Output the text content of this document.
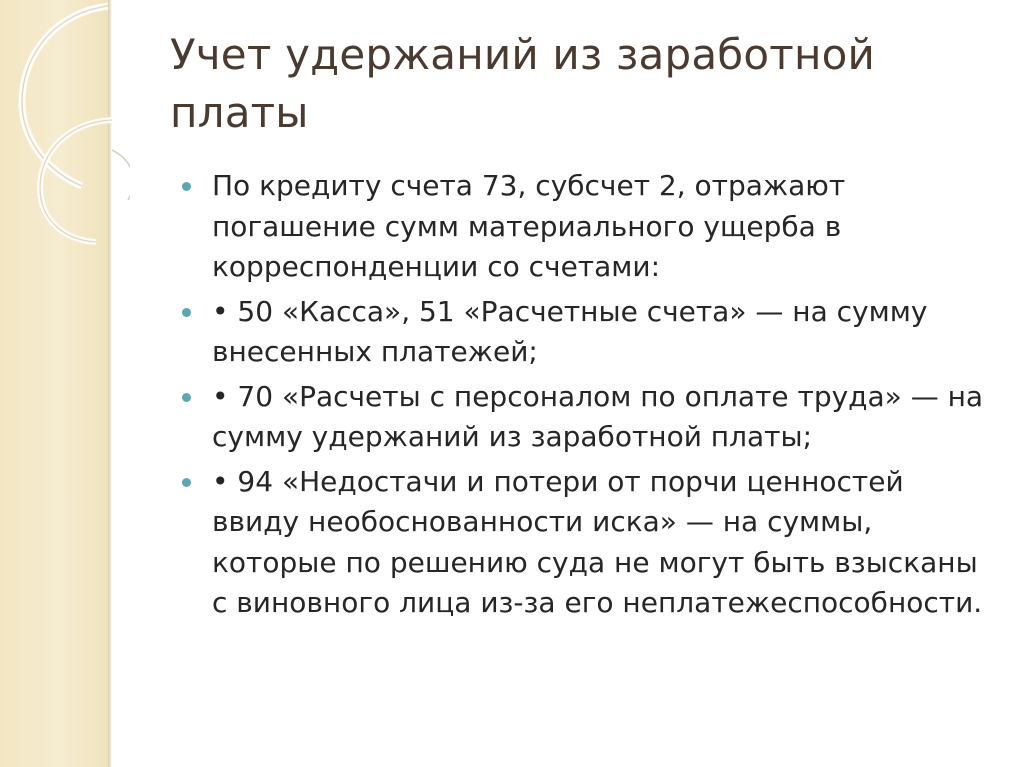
Учет удержаний из заработной платы
По кредиту счета 73, субсчет 2, отражают погашение сумм материального ущерба в корреспонденции со счетами:
• 50 «Касса», 51 «Расчетные счета» — на сумму внесенных платежей;
• 70 «Расчеты с персоналом по оплате труда» — на сумму удержаний из заработной платы;
• 94 «Недостачи и потери от порчи ценностей ввиду необоснованности иска» — на суммы, которые по решению суда не могут быть взысканы с виновного лица из-за его неплатежеспособности.
